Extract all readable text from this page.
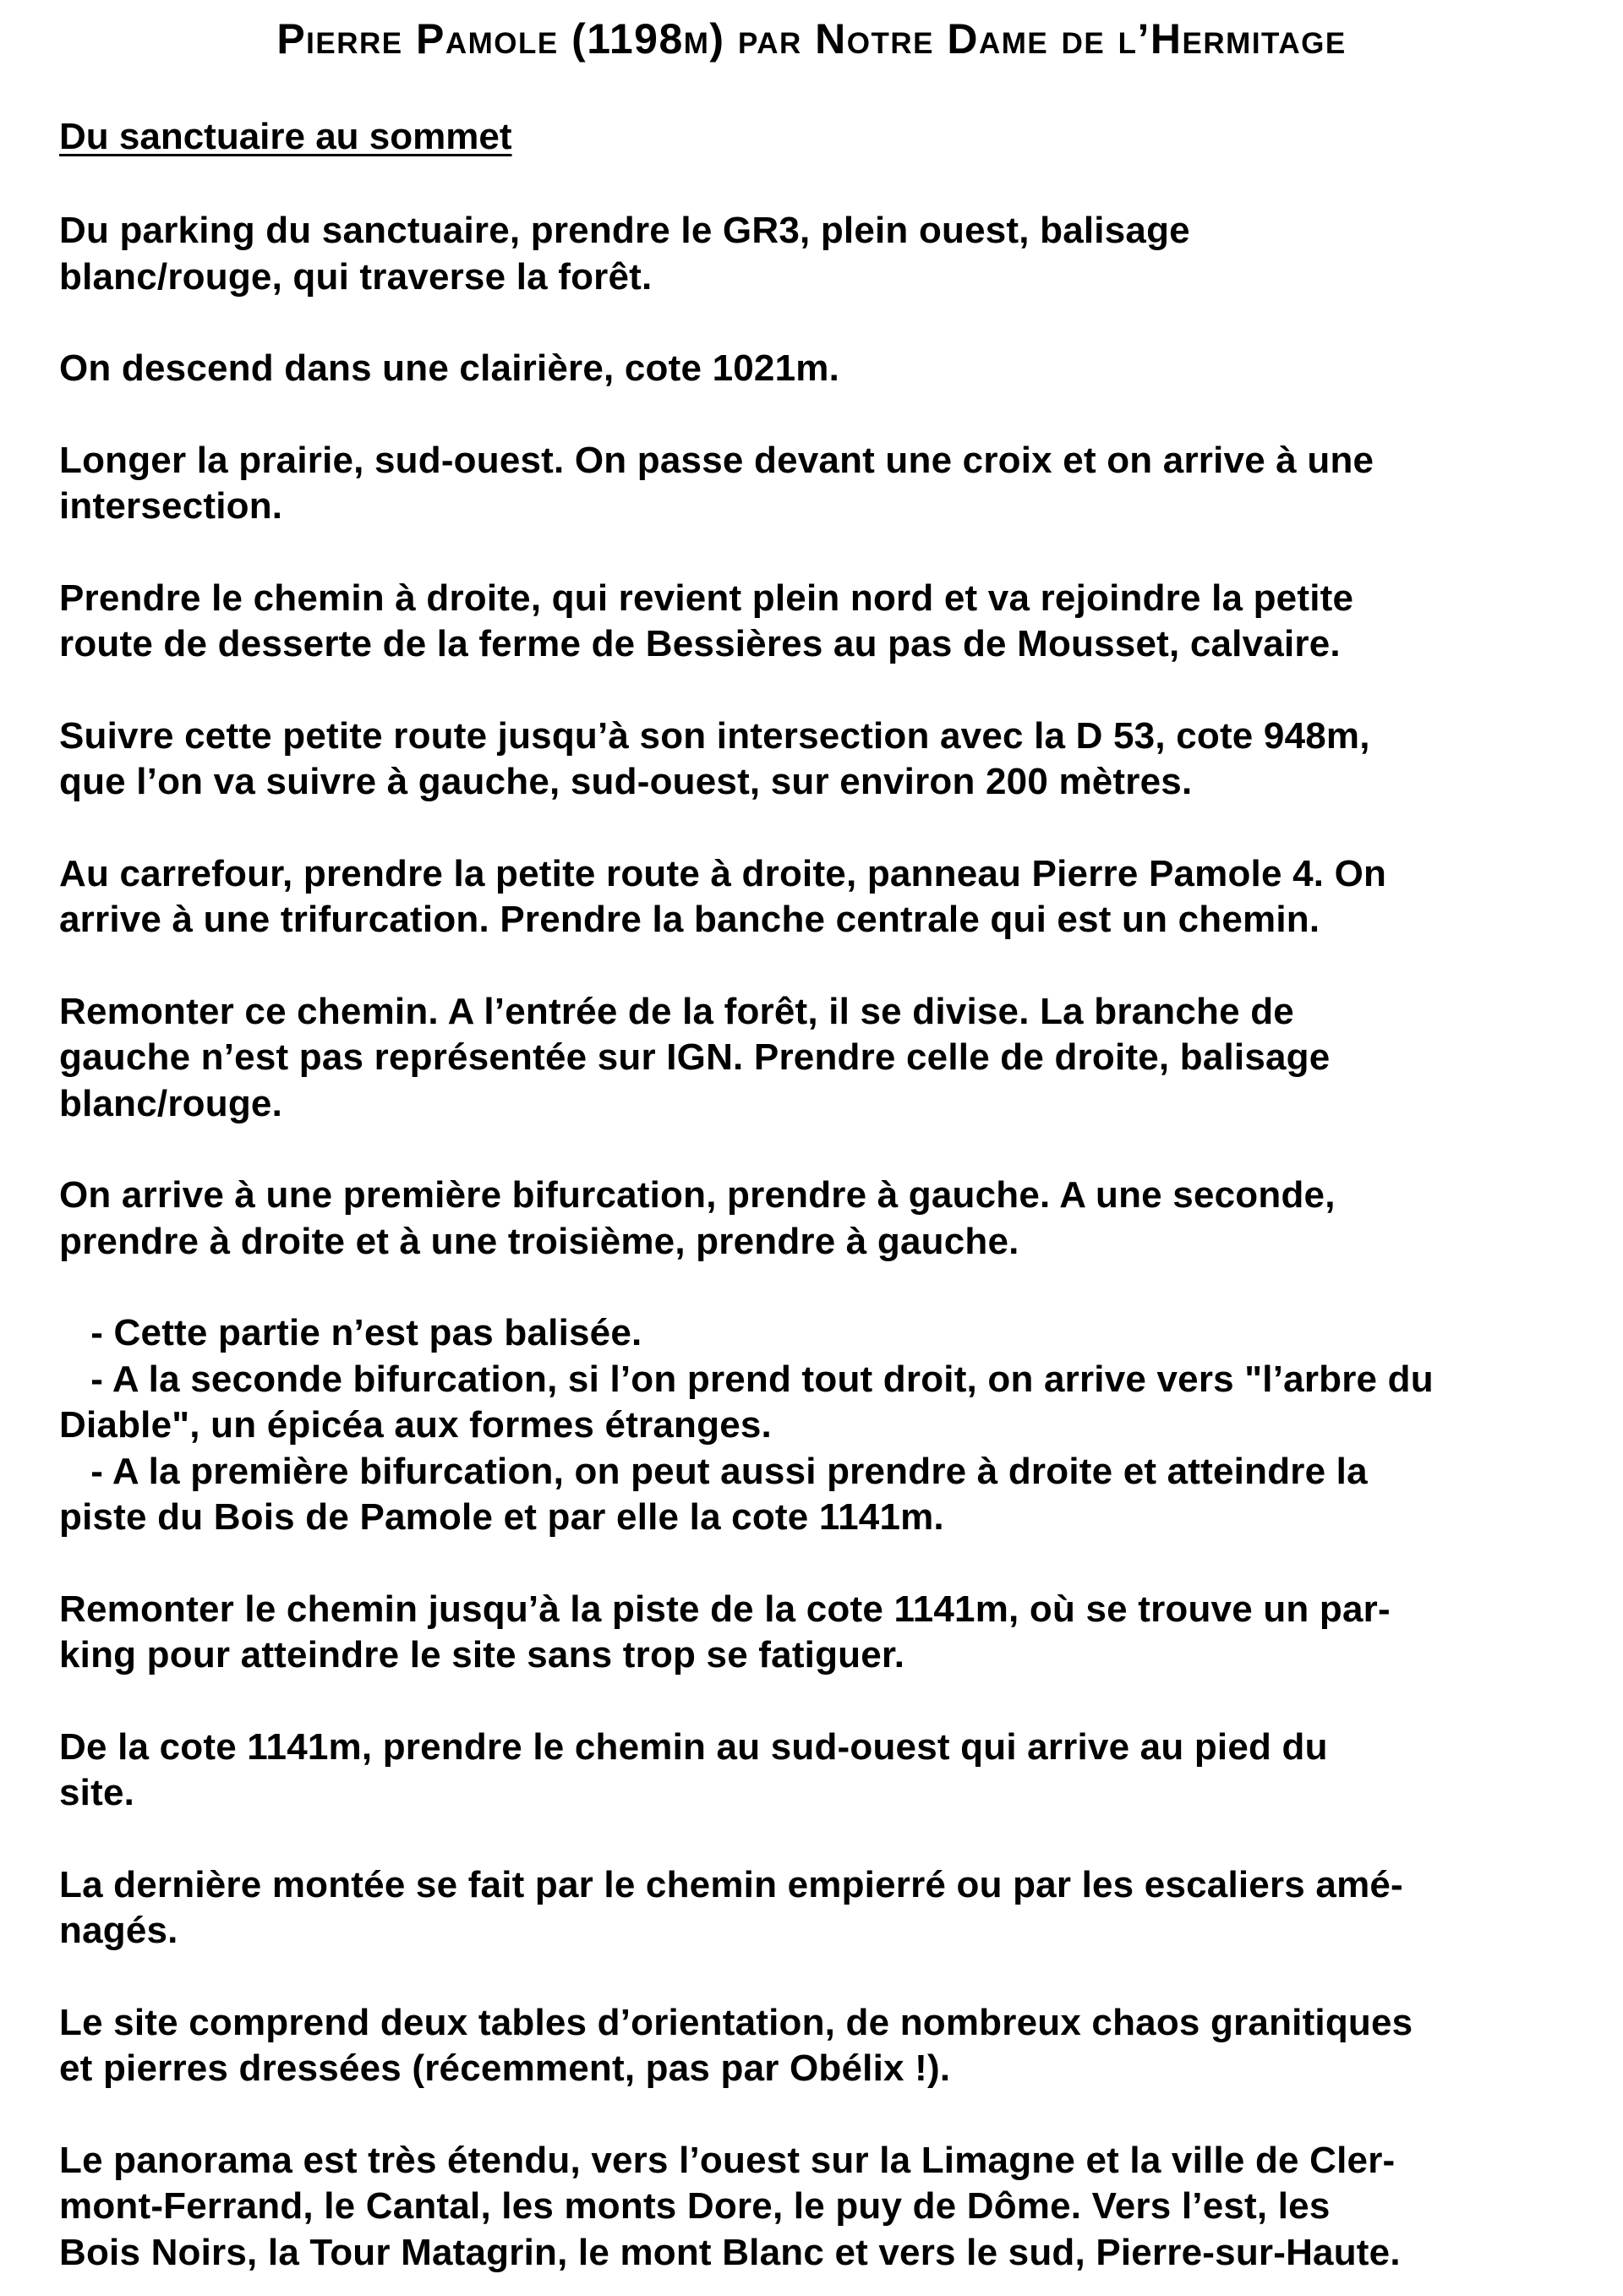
Pierre Pamole (1198m) par Notre Dame de l’Hermitage
Du sanctuaire au sommet
Du parking du sanctuaire, prendre le GR3, plein ouest, balisage
blanc/rouge, qui traverse la forêt.
On descend dans une clairière, cote 1021m.
Longer la prairie, sud-ouest. On passe devant une croix et on arrive à une
intersection.
Prendre le chemin à droite, qui revient plein nord et va rejoindre la petite
route de desserte de la ferme de Bessières au pas de Mousset, calvaire.
Suivre cette petite route jusqu’à son intersection avec la D 53, cote 948m,
que l’on va suivre à gauche, sud-ouest, sur environ 200 mètres.
Au carrefour, prendre la petite route à droite, panneau Pierre Pamole 4. On
arrive à une trifurcation. Prendre la banche centrale qui est un chemin.
Remonter ce chemin. A l’entrée de la forêt, il se divise. La branche de
gauche n’est pas représentée sur IGN. Prendre celle de droite, balisage
blanc/rouge.
On arrive à une première bifurcation, prendre à gauche. A une seconde,
prendre à droite et à une troisième, prendre à gauche.
- Cette partie n’est pas balisée.
- A la seconde bifurcation, si l’on prend tout droit, on arrive vers "l’arbre du
Diable", un épicéa aux formes étranges.
- A la première bifurcation, on peut aussi prendre à droite et atteindre la
piste du Bois de Pamole et par elle la cote 1141m.
Remonter le chemin jusqu’à la piste de la cote 1141m, où se trouve un par-
king pour atteindre le site sans trop se fatiguer.
De la cote 1141m, prendre le chemin au sud-ouest qui arrive au pied du
site.
La dernière montée se fait par le chemin empierré ou par les escaliers amé-
nagés.
Le site comprend deux tables d’orientation, de nombreux chaos granitiques
et pierres dressées (récemment, pas par Obélix !).
Le panorama est très étendu, vers l’ouest sur la Limagne et la ville de Cler-
mont-Ferrand, le Cantal, les monts Dore, le puy de Dôme. Vers l’est, les
Bois Noirs, la Tour Matagrin, le mont Blanc et vers le sud, Pierre-sur-Haute.
